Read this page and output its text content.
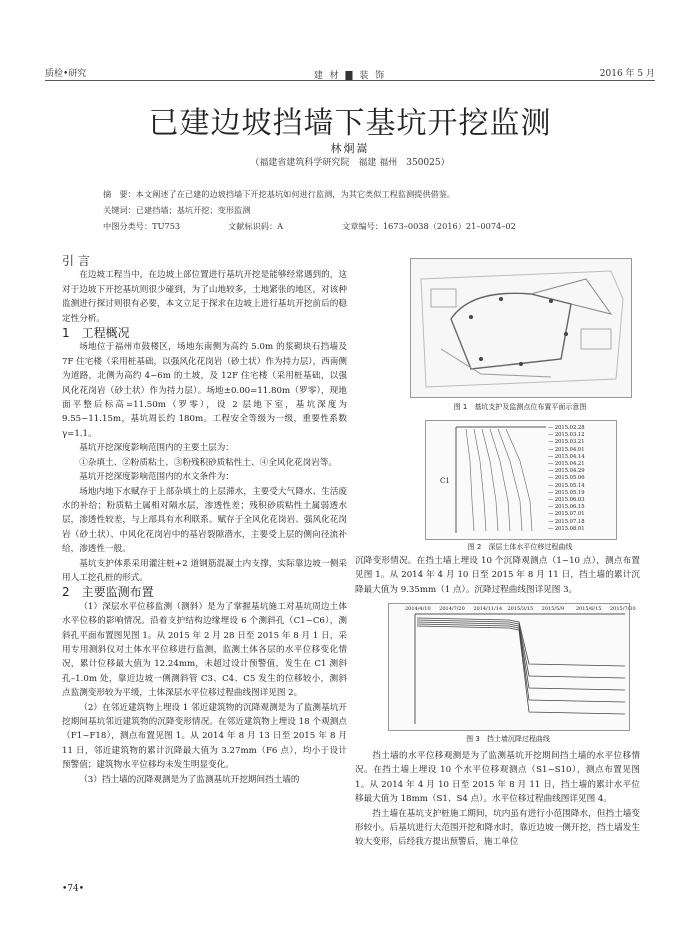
质检•研究	建 材 ▇ 装 饰	2016 年 5 月
已建边坡挡墙下基坑开挖监测
林炯嵩
（福建省建筑科学研究院　福建 福州　350025）
摘　要：本文阐述了在已建的边坡挡墙下开挖基坑如何进行监测，为其它类似工程监测提供借鉴。
关键词：已建挡墙；基坑开挖；变形监测
中图分类号：TU753	文献标识码：A	文章编号：1673–0038（2016）21–0074–02

引 言

在边坡工程当中，在边坡上部位置进行基坑开挖是能够经常遇到的，这对于边坡下开挖基坑则很少碰到，为了山地较多，土地紧张的地区，对该种监测进行探讨则很有必要，本文立足于探求在边坡上进行基坑开挖前后的稳定性分析。

1　工程概况

场地位于福州市鼓楼区，场地东南侧为高约 5.0m 的浆砌块石挡墙及 7F 住宅楼（采用桩基础，以强风化花岗岩（砂土状）作为持力层），西南侧为道路，北侧为高约 4~6m 的土坡，及 12F 住宅楼（采用桩基础，以强风化花岗岩（砂土状）作为持力层）。场地±0.00=11.80m（罗零），现地面平整后标高=11.50m（罗零），设 2 层地下室，基坑深度为 9.55~11.15m，基坑周长约 180m。工程安全等级为一级，重要性系数 γ=1.1。

基坑开挖深度影响范围内的主要土层为：

①杂填土、②粉质粘土、③粉残积砂质粘性土、④全风化花岗岩等。

基坑开挖深度影响范围内的水文条件为：

场地内地下水赋存于上部杂填土的上层滞水，主要受大气降水、生活废水的补给；粉质粘土属相对隔水层，渗透性差；残积砂质粘性土属弱透水层，渗透性较差，与上部具有水利联系。赋存于全风化花岗岩、强风化花岗岩（砂土状）、中风化花岗岩中的基岩裂隙潜水，主要受上层的侧向径流补给，渗透性一般。

基坑支护体系采用灌注桩+2 道钢筋混凝土内支撑，实际靠边坡一侧采用人工挖孔桩的形式。

2　主要监测布置

（1）深层水平位移监测（测斜）是为了掌握基坑施工对基坑周边土体水平位移的影响情况。沿着支护结构边缘埋设 6 个测斜孔（C1~C6），测斜孔平面布置图见图 1。从 2015 年 2 月 28 日至 2015 年 8 月 1 日，采用专用测斜仪对土体水平位移进行监测，监测土体各层的水平位移变化情况，累计位移最大值为 12.24mm，未超过设计预警值，发生在 C1 测斜孔–1.0m 处，靠近边坡一侧测斜管 C3、C4、C5 发生的位移较小，测斜点监测变形较为平缓，土体深层水平位移过程曲线图详见图 2。

（2）在邻近建筑物上埋设 1 邻近建筑物的沉降观测是为了监测基坑开挖期间基坑邻近建筑物的沉降变形情况。在邻近建筑物上埋设 18 个观测点（F1~F18），测点布置见图 1。从 2014 年 8 月 13 日至 2015 年 8 月 11 日，邻近建筑物的累计沉降最大值为 3.27mm（F6 点），均小于设计预警值；建筑物水平位移均未发生明显变化。

（3）挡土墙的沉降观测是为了监测基坑开挖期间挡土墙的

图 1　基坑支护及监测点位布置平面示意图
C1
— 2015.02.28
— 2015.03.12
— 2015.03.21
— 2015.04.01
— 2015.04.14
— 2015.04.21
— 2015.04.29
— 2015.05.06
— 2015.05.14
— 2015.05.19
— 2015.06.03
— 2015.06.15
— 2015.07.01
— 2015.07.18
— 2015.08.01
图 2　深层土体水平位移过程曲线

沉降变形情况。在挡土墙上埋设 10 个沉降观测点（1~10 点），测点布置见图 1。从 2014 年 4 月 10 日至 2015 年 8 月 11 日，挡土墙的累计沉降最大值为 9.35mm（1 点）。沉降过程曲线图详见图 3。

2014/4/10 2014/7/20 2014/11/14 2015/3/15 2015/5/9 2015/6/15 2015/7/30
图 3　挡土墙沉降过程曲线

挡土墙的水平位移观测是为了监测基坑开挖期间挡土墙的水平位移情况。在挡土墙上埋设 10 个水平位移观测点（S1~S10），测点布置见图 1。从 2014 年 4 月 10 日至 2015 年 8 月 11 日，挡土墙的累计水平位移最大值为 18mm（S1、S4 点）。水平位移过程曲线图详见图 4。

挡土墙在基坑支护桩施工期间，坑内虽有进行小范围降水，但挡土墙变形较小。后基坑进行大范围开挖和降水时，靠近边坡一侧开挖，挡土墙发生较大变形，后经我方提出预警后，施工单位

•74•
